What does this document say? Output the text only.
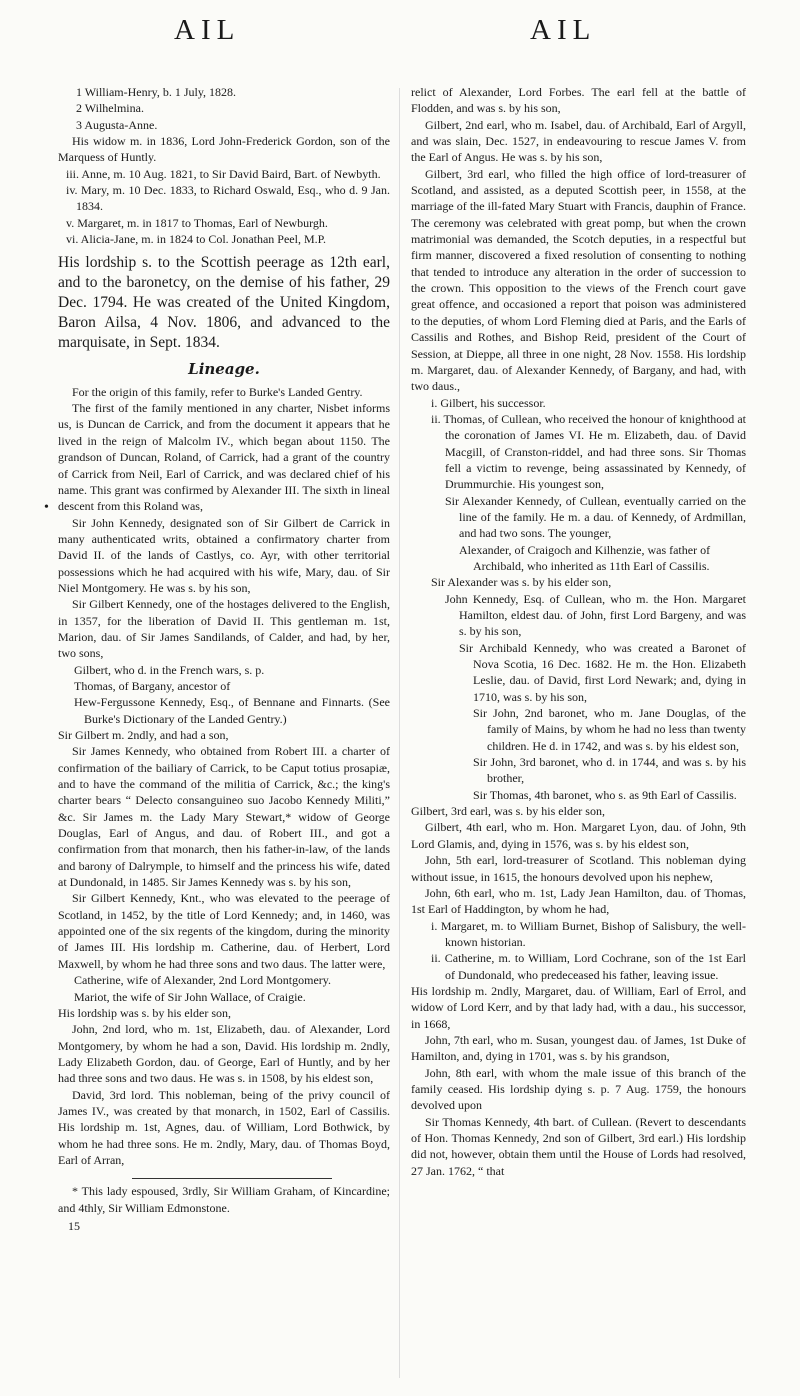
AIL	AIL
•

1 William-Henry, b. 1 July, 1828.

2 Wilhelmina.

3 Augusta-Anne.

His widow m. in 1836, Lord John-Frederick Gordon, son of the Marquess of Huntly.

iii. Anne, m. 10 Aug. 1821, to Sir David Baird, Bart. of Newbyth.

iv. Mary, m. 10 Dec. 1833, to Richard Oswald, Esq., who d. 9 Jan. 1834.

v. Margaret, m. in 1817 to Thomas, Earl of Newburgh.

vi. Alicia-Jane, m. in 1824 to Col. Jonathan Peel, M.P.

His lordship s. to the Scottish peerage as 12th earl, and to the baronetcy, on the demise of his father, 29 Dec. 1794. He was created of the United Kingdom, Baron Ailsa, 4 Nov. 1806, and advanced to the marquisate, in Sept. 1834.

Lineage.

For the origin of this family, refer to Burke's Landed Gentry.

The first of the family mentioned in any charter, Nisbet informs us, is Duncan de Carrick, and from the document it appears that he lived in the reign of Malcolm IV., which began about 1150. The grandson of Duncan, Roland, of Carrick, had a grant of the country of Carrick from Neil, Earl of Carrick, and was declared chief of his name. This grant was confirmed by Alexander III. The sixth in lineal descent from this Roland was,

Sir John Kennedy, designated son of Sir Gilbert de Carrick in many authenticated writs, obtained a confirmatory charter from David II. of the lands of Castlys, co. Ayr, with other territorial possessions which he had acquired with his wife, Mary, dau. of Sir Niel Montgomery. He was s. by his son,

Sir Gilbert Kennedy, one of the hostages delivered to the English, in 1357, for the liberation of David II. This gentleman m. 1st, Marion, dau. of Sir James Sandilands, of Calder, and had, by her, two sons,

Gilbert, who d. in the French wars, s. p.

Thomas, of Bargany, ancestor of

Hew-Fergussone Kennedy, Esq., of Bennane and Finnarts. (See Burke's Dictionary of the Landed Gentry.)

Sir Gilbert m. 2ndly, and had a son,

Sir James Kennedy, who obtained from Robert III. a charter of confirmation of the bailiary of Carrick, to be Caput totius prosapiæ, and to have the command of the militia of Carrick, &c.; the king's charter bears “ Delecto consanguineo suo Jacobo Kennedy Militi,” &c. Sir James m. the Lady Mary Stewart,* widow of George Douglas, Earl of Angus, and dau. of Robert III., and got a confirmation from that monarch, then his father-in-law, of the lands and barony of Dalrymple, to himself and the princess his wife, dated at Dundonald, in 1485. Sir James Kennedy was s. by his son,

Sir Gilbert Kennedy, Knt., who was elevated to the peerage of Scotland, in 1452, by the title of Lord Kennedy; and, in 1460, was appointed one of the six regents of the kingdom, during the minority of James III. His lordship m. Catherine, dau. of Herbert, Lord Maxwell, by whom he had three sons and two daus. The latter were,

Catherine, wife of Alexander, 2nd Lord Montgomery.

Mariot, the wife of Sir John Wallace, of Craigie.

His lordship was s. by his elder son,

John, 2nd lord, who m. 1st, Elizabeth, dau. of Alexander, Lord Montgomery, by whom he had a son, David. His lordship m. 2ndly, Lady Elizabeth Gordon, dau. of George, Earl of Huntly, and by her had three sons and two daus. He was s. in 1508, by his eldest son,

David, 3rd lord. This nobleman, being of the privy council of James IV., was created by that monarch, in 1502, Earl of Cassilis. His lordship m. 1st, Agnes, dau. of William, Lord Bothwick, by whom he had three sons. He m. 2ndly, Mary, dau. of Thomas Boyd, Earl of Arran,

* This lady espoused, 3rdly, Sir William Graham, of Kincardine; and 4thly, Sir William Edmonstone.

15

relict of Alexander, Lord Forbes. The earl fell at the battle of Flodden, and was s. by his son,

Gilbert, 2nd earl, who m. Isabel, dau. of Archibald, Earl of Argyll, and was slain, Dec. 1527, in endeavouring to rescue James V. from the Earl of Angus. He was s. by his son,

Gilbert, 3rd earl, who filled the high office of lord-treasurer of Scotland, and assisted, as a deputed Scottish peer, in 1558, at the marriage of the ill-fated Mary Stuart with Francis, dauphin of France. The ceremony was celebrated with great pomp, but when the crown matrimonial was demanded, the Scotch deputies, in a respectful but firm manner, discovered a fixed resolution of consenting to nothing that tended to introduce any alteration in the order of succession to the crown. This opposition to the views of the French court gave great offence, and occasioned a report that poison was administered to the deputies, of whom Lord Fleming died at Paris, and the Earls of Cassilis and Rothes, and Bishop Reid, president of the Court of Session, at Dieppe, all three in one night, 28 Nov. 1558. His lordship m. Margaret, dau. of Alexander Kennedy, of Bargany, and had, with two daus.,

i. Gilbert, his successor.

ii. Thomas, of Cullean, who received the honour of knighthood at the coronation of James VI. He m. Elizabeth, dau. of David Macgill, of Cranston-riddel, and had three sons. Sir Thomas fell a victim to revenge, being assassinated by Kennedy, of Drummurchie. His youngest son,

Sir Alexander Kennedy, of Cullean, eventually carried on the line of the family. He m. a dau. of Kennedy, of Ardmillan, and had two sons. The younger,

Alexander, of Craigoch and Kilhenzie, was father of

Archibald, who inherited as 11th Earl of Cassilis.

Sir Alexander was s. by his elder son,

John Kennedy, Esq. of Cullean, who m. the Hon. Margaret Hamilton, eldest dau. of John, first Lord Bargeny, and was s. by his son,

Sir Archibald Kennedy, who was created a Baronet of Nova Scotia, 16 Dec. 1682. He m. the Hon. Elizabeth Leslie, dau. of David, first Lord Newark; and, dying in 1710, was s. by his son,

Sir John, 2nd baronet, who m. Jane Douglas, of the family of Mains, by whom he had no less than twenty children. He d. in 1742, and was s. by his eldest son,

Sir John, 3rd baronet, who d. in 1744, and was s. by his brother,

Sir Thomas, 4th baronet, who s. as 9th Earl of Cassilis.

Gilbert, 3rd earl, was s. by his elder son,

Gilbert, 4th earl, who m. Hon. Margaret Lyon, dau. of John, 9th Lord Glamis, and, dying in 1576, was s. by his eldest son,

John, 5th earl, lord-treasurer of Scotland. This nobleman dying without issue, in 1615, the honours devolved upon his nephew,

John, 6th earl, who m. 1st, Lady Jean Hamilton, dau. of Thomas, 1st Earl of Haddington, by whom he had,

i. Margaret, m. to William Burnet, Bishop of Salisbury, the well-known historian.

ii. Catherine, m. to William, Lord Cochrane, son of the 1st Earl of Dundonald, who predeceased his father, leaving issue.

His lordship m. 2ndly, Margaret, dau. of William, Earl of Errol, and widow of Lord Kerr, and by that lady had, with a dau., his successor, in 1668,

John, 7th earl, who m. Susan, youngest dau. of James, 1st Duke of Hamilton, and, dying in 1701, was s. by his grandson,

John, 8th earl, with whom the male issue of this branch of the family ceased. His lordship dying s. p. 7 Aug. 1759, the honours devolved upon

Sir Thomas Kennedy, 4th bart. of Cullean. (Revert to descendants of Hon. Thomas Kennedy, 2nd son of Gilbert, 3rd earl.) His lordship did not, however, obtain them until the House of Lords had resolved, 27 Jan. 1762, “ that
